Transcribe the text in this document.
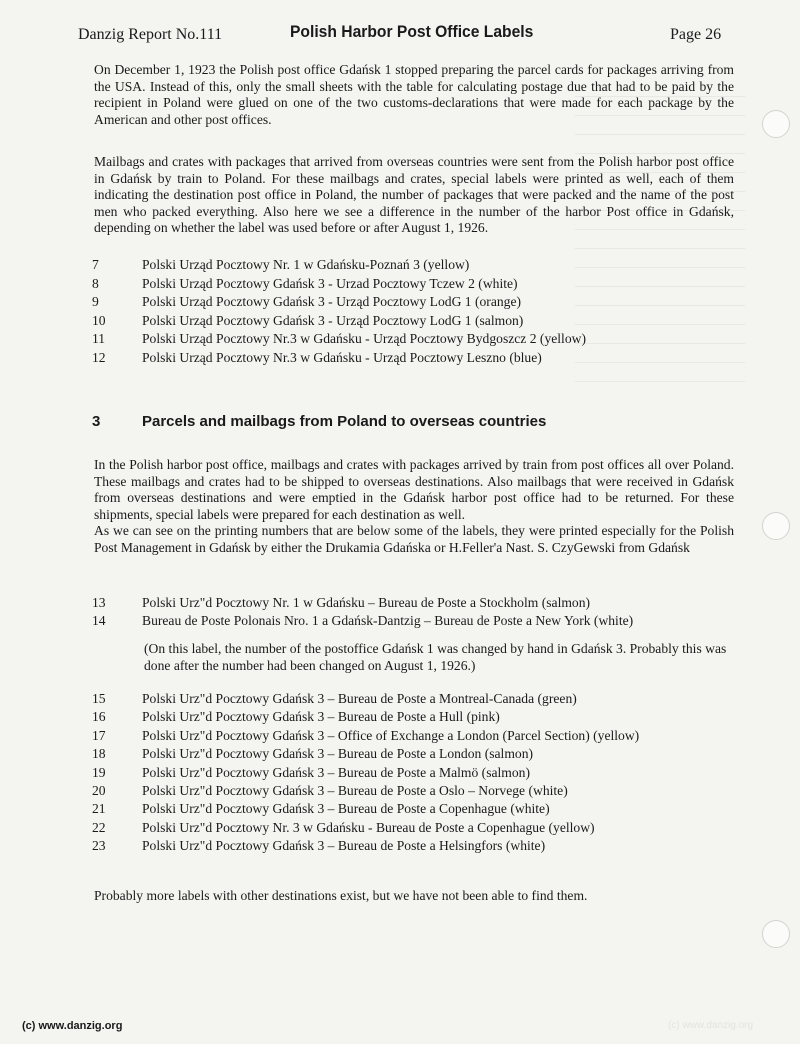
Danzig Report No.111	Polish Harbor Post Office Labels	Page 26

On December 1, 1923 the Polish post office Gdańsk 1 stopped preparing the parcel cards for packages arriving from the USA. Instead of this, only the small sheets with the table for calculating postage due that had to be paid by the recipient in Poland were glued on one of the two customs-declarations that were made for each package by the American and other post offices.

Mailbags and crates with packages that arrived from overseas countries were sent from the Polish harbor post office in Gdańsk by train to Poland. For these mailbags and crates, special labels were printed as well, each of them indicating the destination post office in Poland, the number of packages that were packed and the name of the post men who packed everything. Also here we see a difference in the number of the harbor Post office in Gdańsk, depending on whether the label was used before or after August 1, 1926.

7	Polski Urząd Pocztowy Nr. 1 w Gdańsku-Poznań 3 (yellow)
8	Polski Urząd Pocztowy Gdańsk 3 - Urzad Pocztowy Tczew 2 (white)
9	Polski Urząd Pocztowy Gdańsk 3 - Urząd Pocztowy LodG 1 (orange)
10	Polski Urząd Pocztowy Gdańsk 3 - Urząd Pocztowy LodG 1 (salmon)
11	Polski Urząd Pocztowy Nr.3 w Gdańsku - Urząd Pocztowy Bydgoszcz 2 (yellow)
12	Polski Urząd Pocztowy Nr.3 w Gdańsku - Urząd Pocztowy Leszno (blue)
3	Parcels and mailbags from Poland to overseas countries

In the Polish harbor post office, mailbags and crates with packages arrived by train from post offices all over Poland. These mailbags and crates had to be shipped to overseas destinations. Also mailbags that were received in Gdańsk from overseas destinations and were emptied in the Gdańsk harbor post office had to be returned. For these shipments, special labels were prepared for each destination as well.

As we can see on the printing numbers that are below some of the labels, they were printed especially for the Polish Post Management in Gdańsk by either the Drukamia Gdańska or H.Feller'a Nast. S. CzyGewski from Gdańsk

13	Polski Urz"d Pocztowy Nr. 1 w Gdańsku – Bureau de Poste a Stockholm (salmon)
14	Bureau de Poste Polonais Nro. 1 a Gdańsk-Dantzig – Bureau de Poste a New York (white)

(On this label, the number of the postoffice Gdańsk 1 was changed by hand in Gdańsk 3. Probably this was done after the number had been changed on August 1, 1926.)

15	Polski Urz"d Pocztowy Gdańsk 3 – Bureau de Poste a Montreal-Canada (green)
16	Polski Urz"d Pocztowy Gdańsk 3 – Bureau de Poste a Hull (pink)
17	Polski Urz"d Pocztowy Gdańsk 3 – Office of Exchange a London (Parcel Section) (yellow)
18	Polski Urz"d Pocztowy Gdańsk 3 – Bureau de Poste a London (salmon)
19	Polski Urz"d Pocztowy Gdańsk 3 – Bureau de Poste a Malmö (salmon)
20	Polski Urz"d Pocztowy Gdańsk 3 – Bureau de Poste a Oslo – Norvege (white)
21	Polski Urz"d Pocztowy Gdańsk 3 – Bureau de Poste a Copenhague (white)
22	Polski Urz"d Pocztowy Nr. 3 w Gdańsku - Bureau de Poste a Copenhague (yellow)
23	Polski Urz"d Pocztowy Gdańsk 3 – Bureau de Poste a Helsingfors (white)

Probably more labels with other destinations exist, but we have not been able to find them.

(c) www.danzig.org	(c) www.danzig.org
